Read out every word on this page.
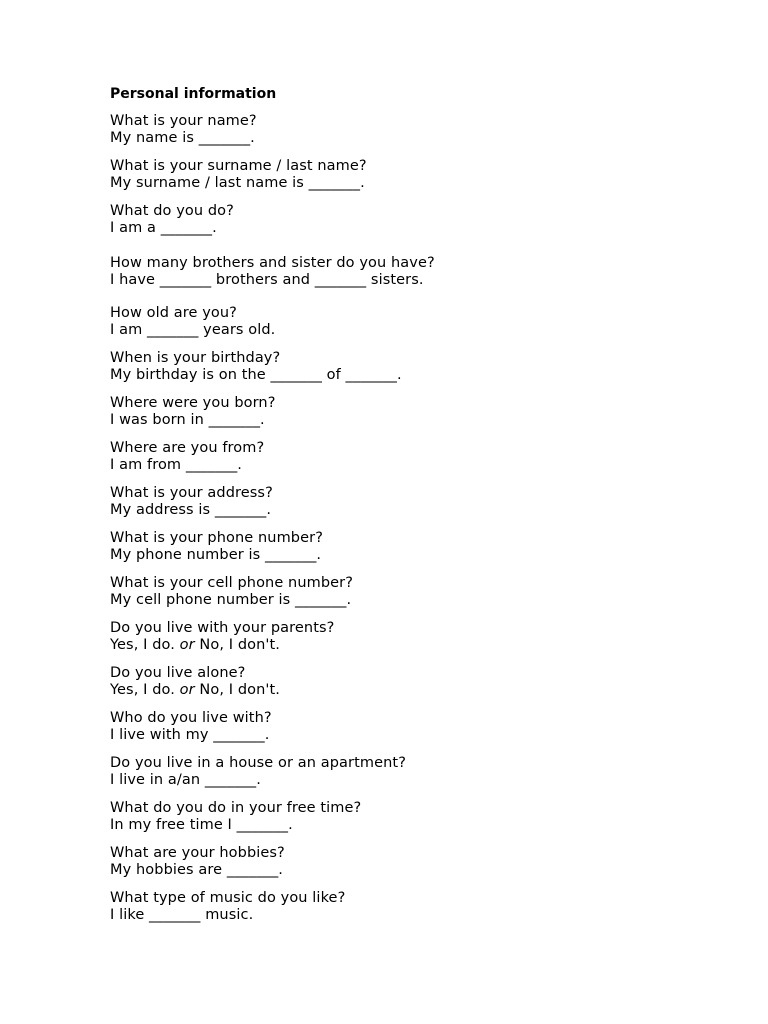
Personal information
What is your name?
My name is _______.
What is your surname / last name?
My surname / last name is _______.
What do you do?
I am a _______.
How many brothers and sister do you have?
I have _______ brothers and _______ sisters.
How old are you?
I am _______ years old.
When is your birthday?
My birthday is on the _______ of _______.
Where were you born?
I was born in _______.
Where are you from?
I am from _______.
What is your address?
My address is _______.
What is your phone number?
My phone number is _______.
What is your cell phone number?
My cell phone number is _______.
Do you live with your parents?
Yes, I do. or No, I don't.
Do you live alone?
Yes, I do. or No, I don't.
Who do you live with?
I live with my _______.
Do you live in a house or an apartment?
I live in a/an _______.
What do you do in your free time?
In my free time I _______.
What are your hobbies?
My hobbies are _______.
What type of music do you like?
I like _______ music.
